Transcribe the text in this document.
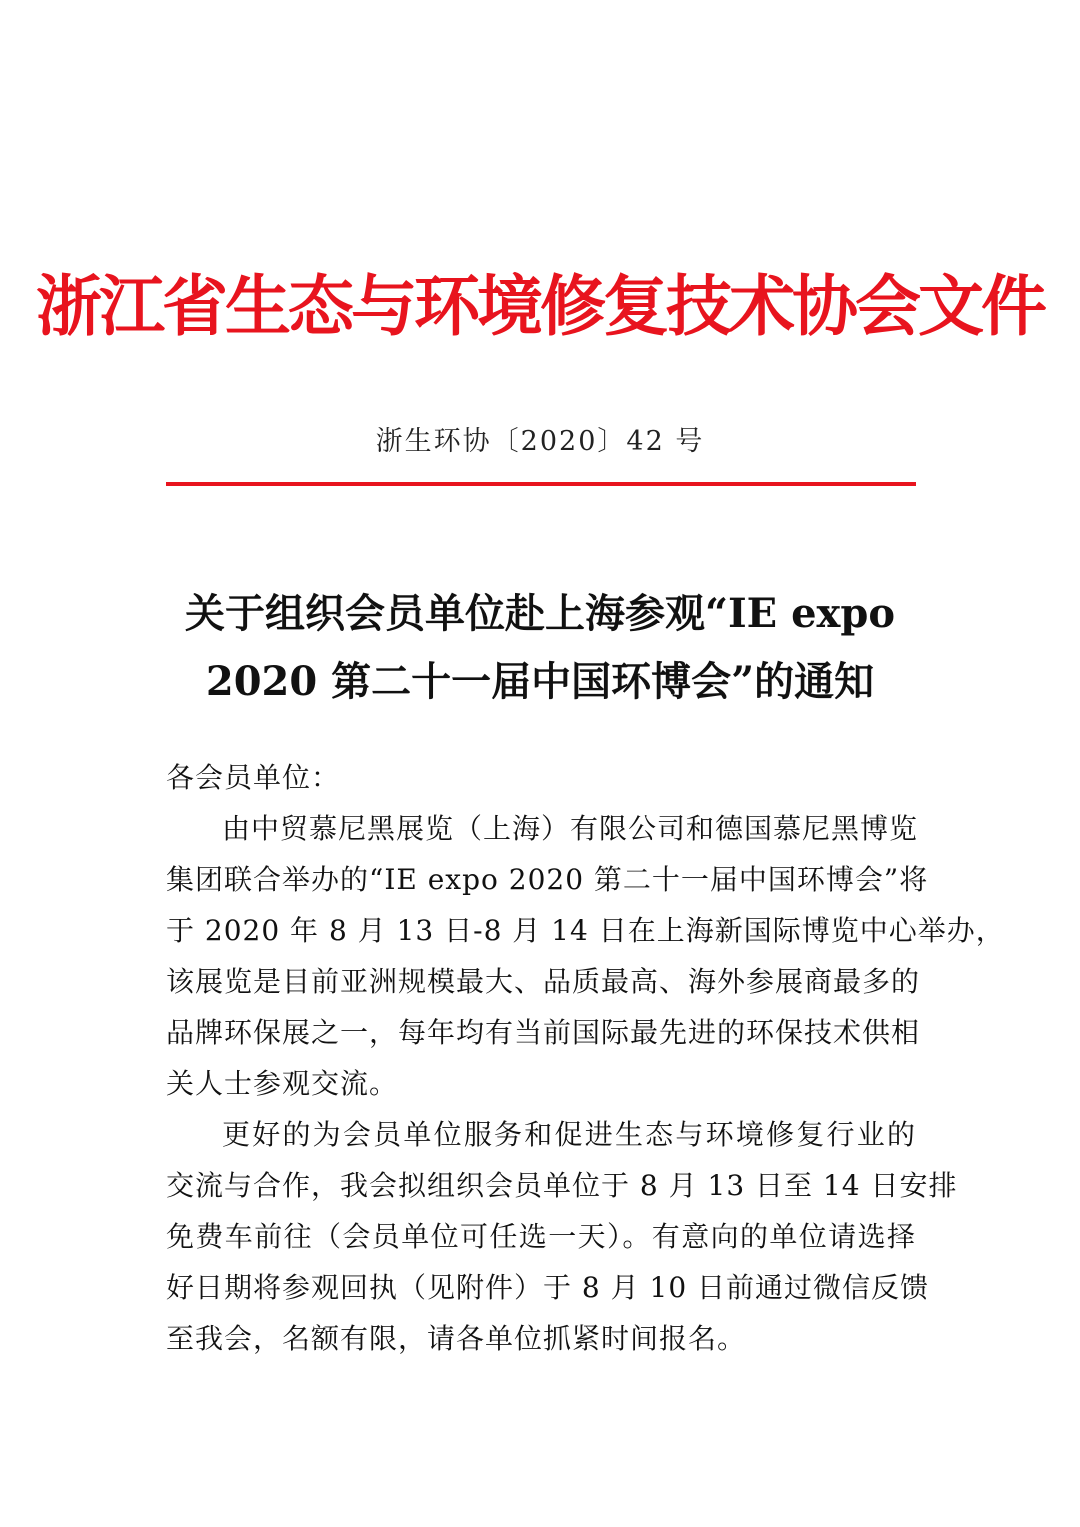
浙江省生态与环境修复技术协会文件
浙生环协〔2020〕42 号
关于组织会员单位赴上海参观“IE expo
2020 第二十一届中国环博会”的通知
各会员单位：
由中贸慕尼黑展览（上海）有限公司和德国慕尼黑博览
集团联合举办的“IE expo 2020 第二十一届中国环博会”将
于 2020 年 8 月 13 日-8 月 14 日在上海新国际博览中心举办，
该展览是目前亚洲规模最大、品质最高、海外参展商最多的
品牌环保展之一，每年均有当前国际最先进的环保技术供相
关人士参观交流。
更好的为会员单位服务和促进生态与环境修复行业的
交流与合作，我会拟组织会员单位于 8 月 13 日至 14 日安排
免费车前往（会员单位可任选一天）。有意向的单位请选择
好日期将参观回执（见附件）于 8 月 10 日前通过微信反馈
至我会，名额有限，请各单位抓紧时间报名。
